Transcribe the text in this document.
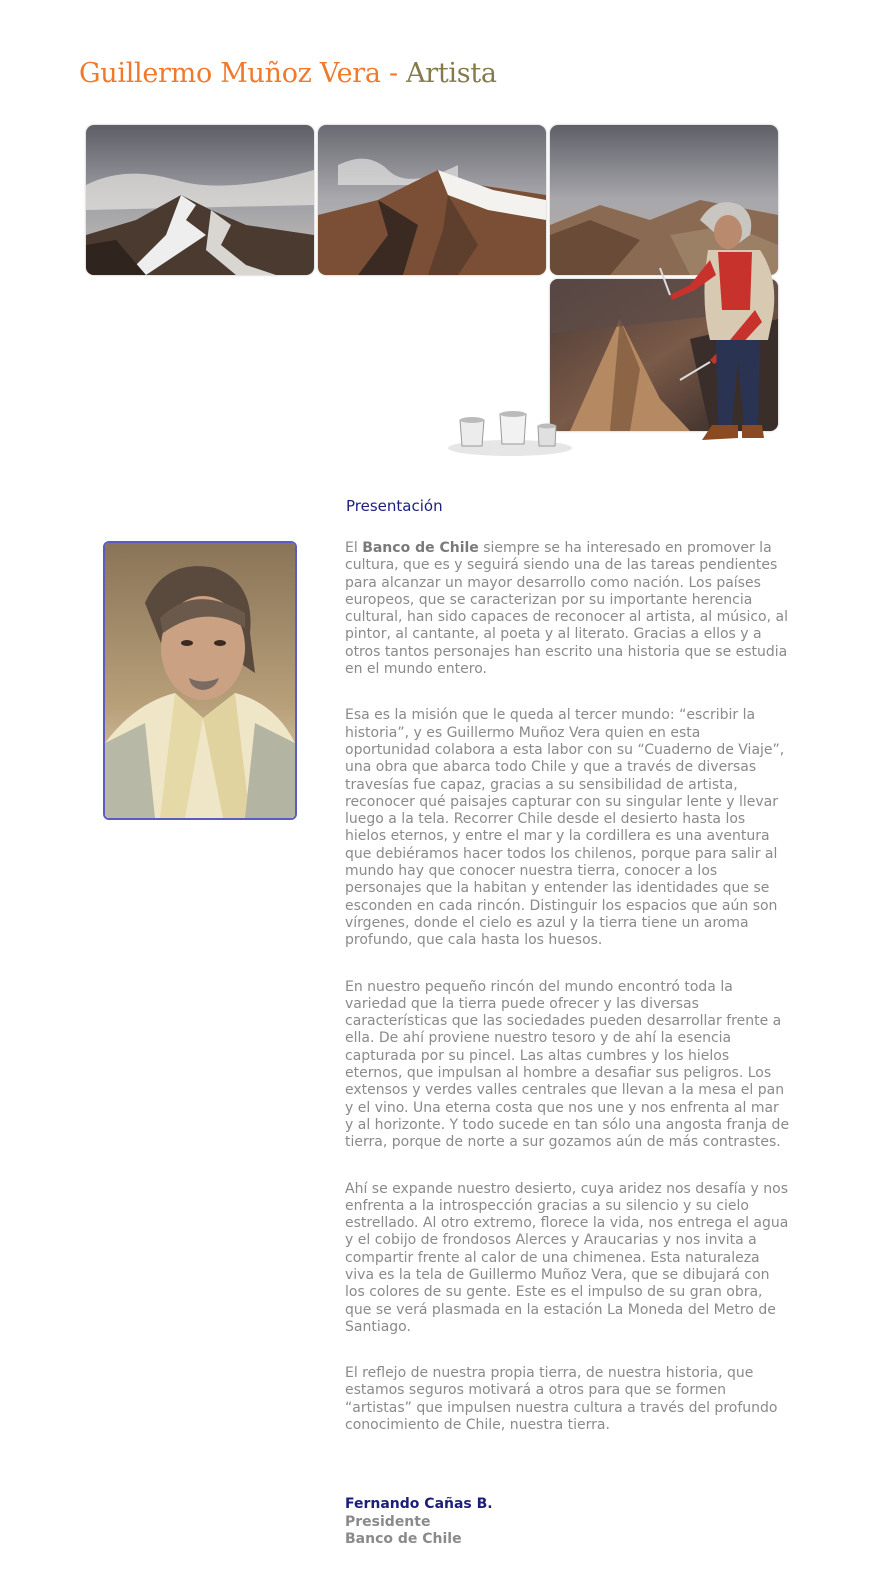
Guillermo Muñoz Vera - Artista
Presentación

El Banco de Chile siempre se ha interesado en promover la cultura, que es y seguirá siendo una de las tareas pendientes para alcanzar un mayor desarrollo como nación. Los países europeos, que se caracterizan por su importante herencia cultural, han sido capaces de reconocer al artista, al músico, al pintor, al cantante, al poeta y al literato. Gracias a ellos y a otros tantos personajes han escrito una historia que se estudia en el mundo entero.

Esa es la misión que le queda al tercer mundo: “escribir la historia”, y es Guillermo Muñoz Vera quien en esta oportunidad colabora a esta labor con su “Cuaderno de Viaje”, una obra que abarca todo Chile y que a través de diversas travesías fue capaz, gracias a su sensibilidad de artista, reconocer qué paisajes capturar con su singular lente y llevar luego a la tela. Recorrer Chile desde el desierto hasta los hielos eternos, y entre el mar y la cordillera es una aventura que debiéramos hacer todos los chilenos, porque para salir al mundo hay que conocer nuestra tierra, conocer a los personajes que la habitan y entender las identidades que se esconden en cada rincón. Distinguir los espacios que aún son vírgenes, donde el cielo es azul y la tierra tiene un aroma profundo, que cala hasta los huesos.

En nuestro pequeño rincón del mundo encontró toda la variedad que la tierra puede ofrecer y las diversas características que las sociedades pueden desarrollar frente a ella. De ahí proviene nuestro tesoro y de ahí la esencia capturada por su pincel. Las altas cumbres y los hielos eternos, que impulsan al hombre a desafiar sus peligros. Los extensos y verdes valles centrales que llevan a la mesa el pan y el vino. Una eterna costa que nos une y nos enfrenta al mar y al horizonte. Y todo sucede en tan sólo una angosta franja de tierra, porque de norte a sur gozamos aún de más contrastes.

Ahí se expande nuestro desierto, cuya aridez nos desafía y nos enfrenta a la introspección gracias a su silencio y su cielo estrellado. Al otro extremo, florece la vida, nos entrega el agua y el cobijo de frondosos Alerces y Araucarias y nos invita a compartir frente al calor de una chimenea. Esta naturaleza viva es la tela de Guillermo Muñoz Vera, que se dibujará con los colores de su gente. Este es el impulso de su gran obra, que se verá plasmada en la estación La Moneda del Metro de Santiago.

El reflejo de nuestra propia tierra, de nuestra historia, que estamos seguros motivará a otros para que se formen “artistas” que impulsen nuestra cultura a través del profundo conocimiento de Chile, nuestra tierra.

Fernando Cañas B.
Presidente
Banco de Chile
